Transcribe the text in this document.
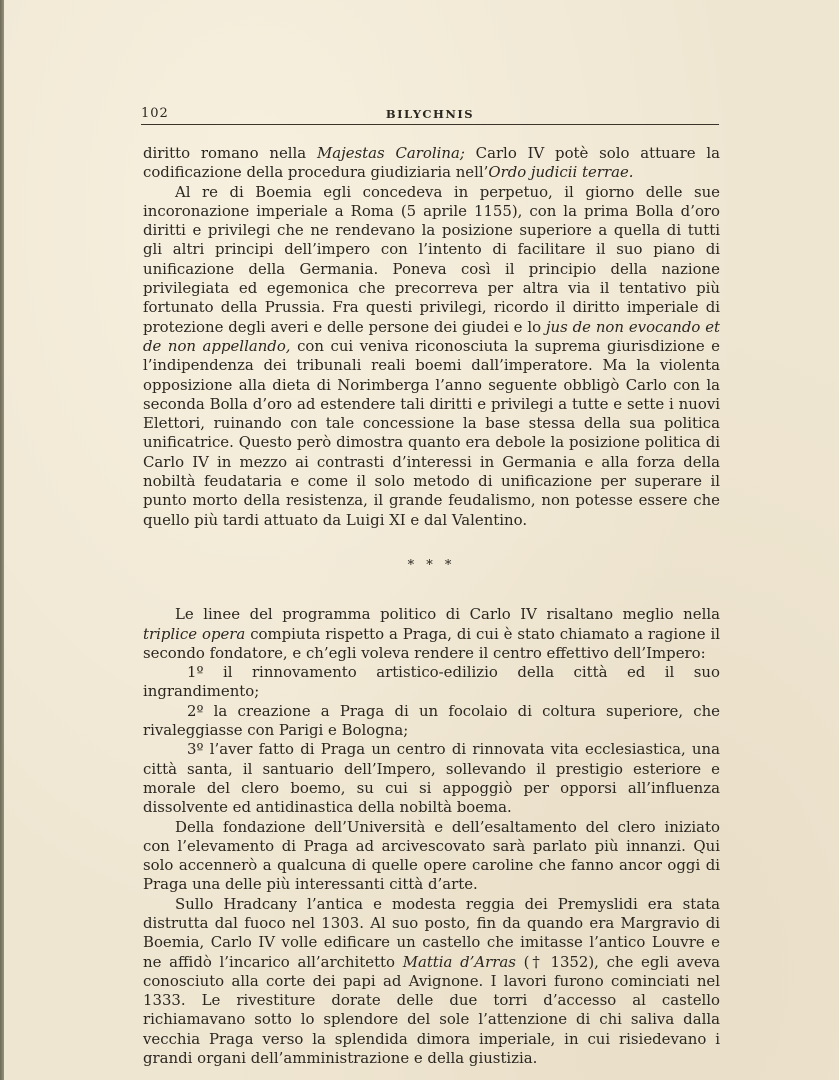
102	BILYCHNIS

diritto romano nella Majestas Carolina; Carlo IV potè solo attuare la codificazione della procedura giudiziaria nell’Ordo judicii terrae.

Al re di Boemia egli concedeva in perpetuo, il giorno delle sue incoronazione imperiale a Roma (5 aprile 1155), con la prima Bolla d’oro diritti e privilegi che ne rendevano la posizione superiore a quella di tutti gli altri principi dell’impero con l’intento di facilitare il suo piano di unificazione della Germania. Poneva così il principio della nazione privilegiata ed egemonica che precorreva per altra via il tentativo più fortunato della Prussia. Fra questi privilegi, ricordo il diritto imperiale di protezione degli averi e delle persone dei giudei e lo jus de non evocando et de non appellando, con cui veniva riconosciuta la suprema giurisdizione e l’indipendenza dei tribunali reali boemi dall’imperatore. Ma la violenta opposizione alla dieta di Norimberga l’anno seguente obbligò Carlo con la seconda Bolla d’oro ad estendere tali diritti e privilegi a tutte e sette i nuovi Elettori, ruinando con tale concessione la base stessa della sua politica unificatrice. Questo però dimostra quanto era debole la posizione politica di Carlo IV in mezzo ai contrasti d’interessi in Germania e alla forza della nobiltà feudataria e come il solo metodo di unificazione per superare il punto morto della resistenza, il grande feudalismo, non potesse essere che quello più tardi attuato da Luigi XI e dal Valentino.

* * *

Le linee del programma politico di Carlo IV risaltano meglio nella triplice opera compiuta rispetto a Praga, di cui è stato chiamato a ragione il secondo fondatore, e ch’egli voleva rendere il centro effettivo dell’Impero:

1º il rinnovamento artistico-edilizio della città ed il suo ingrandimento;

2º la creazione a Praga di un focolaio di coltura superiore, che rivaleggiasse con Parigi e Bologna;

3º l’aver fatto di Praga un centro di rinnovata vita ecclesiastica, una città santa, il santuario dell’Impero, sollevando il prestigio esteriore e morale del clero boemo, su cui si appoggiò per opporsi all’influenza dissolvente ed antidinastica della nobiltà boema.

Della fondazione dell’Università e dell’esaltamento del clero iniziato con l’elevamento di Praga ad arcivescovato sarà parlato più innanzi. Qui solo accennerò a qualcuna di quelle opere caroline che fanno ancor oggi di Praga una delle più interessanti città d’arte.

Sullo Hradcany l’antica e modesta reggia dei Premyslidi era stata distrutta dal fuoco nel 1303. Al suo posto, fin da quando era Margravio di Boemia, Carlo IV volle edificare un castello che imitasse l’antico Louvre e ne affidò l’incarico all’architetto Mattia d’Arras († 1352), che egli aveva conosciuto alla corte dei papi ad Avignone. I lavori furono cominciati nel 1333. Le rivestiture dorate delle due torri d’accesso al castello richiamavano sotto lo splendore del sole l’attenzione di chi saliva dalla vecchia Praga verso la splendida dimora imperiale, in cui risiedevano i grandi organi dell’amministrazione e della giustizia.
